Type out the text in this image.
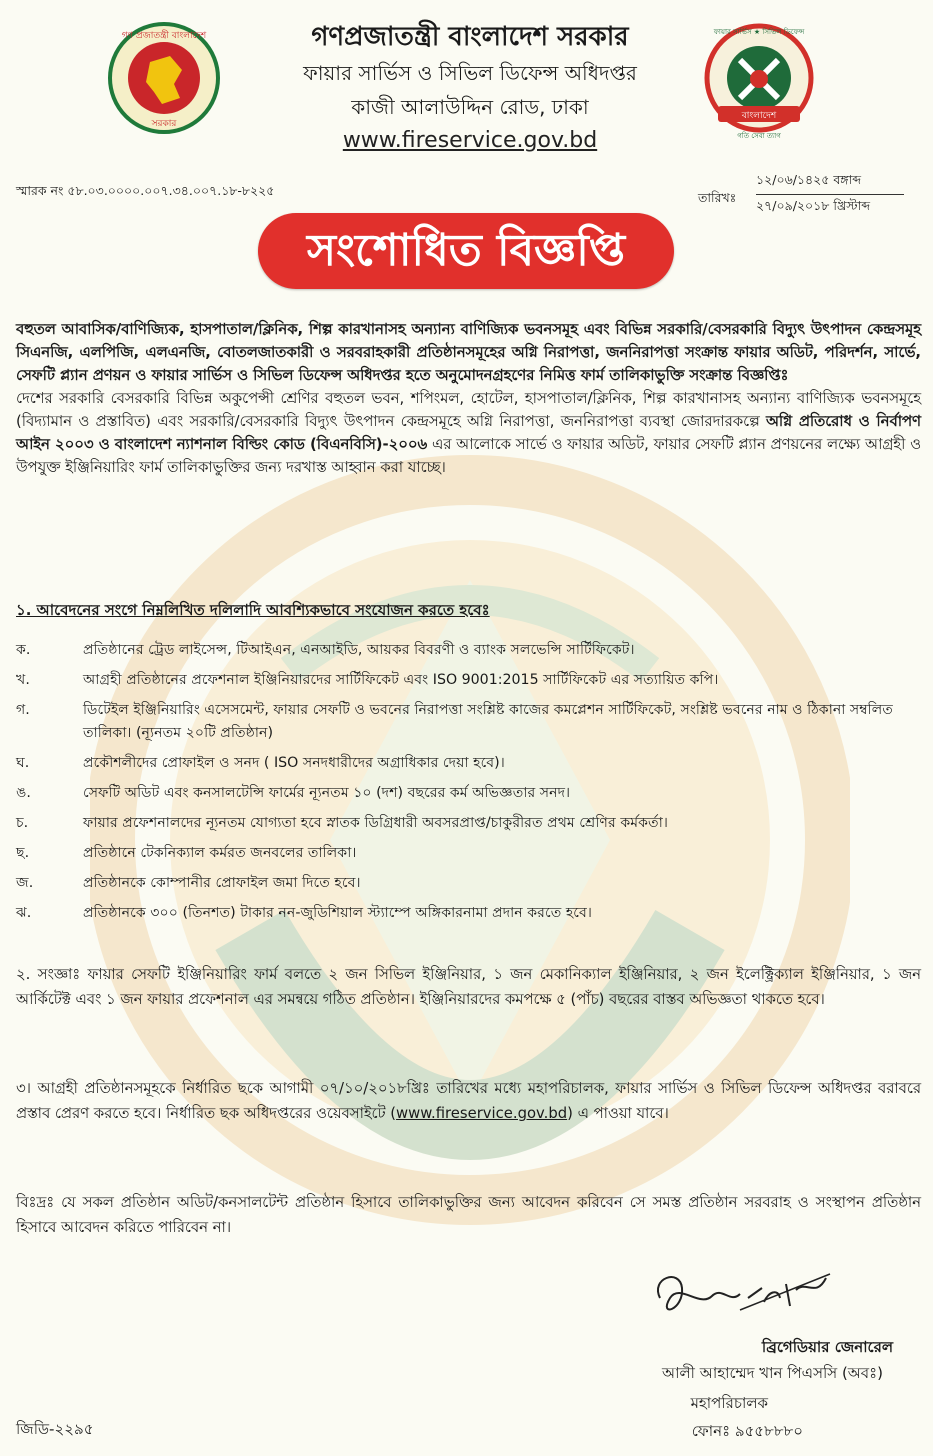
গণ প্রজাতন্ত্রী বাংলাদেশ
সরকার
গণপ্রজাতন্ত্রী বাংলাদেশ সরকার
ফায়ার সার্ভিস ও সিভিল ডিফেন্স অধিদপ্তর
কাজী আলাউদ্দিন রোড, ঢাকা
www.fireservice.gov.bd
বাংলাদেশ
ফায়ার সার্ভিস ★ সিভিল ডিফেন্স
গতি সেবা ত্যাগ
স্মারক নং ৫৮.০৩.০০০০.০০৭.৩৪.০০৭.১৮-৮২২৫	তারিখঃ
১২/০৬/১৪২৫ বঙ্গাব্দ
২৭/০৯/২০১৮ খ্রিস্টাব্দ
সংশোধিত বিজ্ঞপ্তি
বহুতল আবাসিক/বাণিজ্যিক, হাসপাতাল/ক্লিনিক, শিল্প কারখানাসহ অন্যান্য বাণিজ্যিক ভবনসমূহ এবং বিভিন্ন সরকারি/বেসরকারি বিদ্যুৎ উৎপাদন কেন্দ্রসমূহ সিএনজি, এলপিজি, এলএনজি, বোতলজাতকারী ও সরবরাহকারী প্রতিষ্ঠানসমূহের অগ্নি নিরাপত্তা, জননিরাপত্তা সংক্রান্ত ফায়ার অডিট, পরিদর্শন, সার্ভে, সেফটি প্ল্যান প্রণয়ন ও ফায়ার সার্ভিস ও সিভিল ডিফেন্স অধিদপ্তর হতে অনুমোদনগ্রহণের নিমিত্ত ফার্ম তালিকাভুক্তি সংক্রান্ত বিজ্ঞপ্তিঃ
দেশের সরকারি বেসরকারি বিভিন্ন অকুপেন্সী শ্রেণির বহুতল ভবন, শপিংমল, হোটেল, হাসপাতাল/ক্লিনিক, শিল্প কারখানাসহ অন্যান্য বাণিজ্যিক ভবনসমূহে (বিদ্যামান ও প্রস্তাবিত) এবং সরকারি/বেসরকারি বিদ্যুৎ উৎপাদন কেন্দ্রসমূহে অগ্নি নিরাপত্তা, জননিরাপত্তা ব্যবস্থা জোরদারকল্পে অগ্নি প্রতিরোধ ও নির্বাপণ আইন ২০০৩ ও বাংলাদেশ ন্যাশনাল বিল্ডিং কোড (বিএনবিসি)-২০০৬ এর আলোকে সার্ভে ও ফায়ার অডিট, ফায়ার সেফটি প্ল্যান প্রণয়নের লক্ষ্যে আগ্রহী ও উপযুক্ত ইঞ্জিনিয়ারিং ফার্ম তালিকাভুক্তির জন্য দরখাস্ত আহ্বান করা যাচ্ছে।
১. আবেদনের সংগে নিম্নলিখিত দলিলাদি আবশ্যিকভাবে সংযোজন করতে হবেঃ
ক.	প্রতিষ্ঠানের ট্রেড লাইসেন্স, টিআইএন, এনআইডি, আয়কর বিবরণী ও ব্যাংক সলভেন্সি সার্টিফিকেট।
খ.	আগ্রহী প্রতিষ্ঠানের প্রফেশনাল ইঞ্জিনিয়ারদের সার্টিফিকেট এবং ISO 9001:2015 সার্টিফিকেট এর সত্যায়িত কপি।
গ.	ডিটেইল ইঞ্জিনিয়ারিং এসেসমেন্ট, ফায়ার সেফটি ও ভবনের নিরাপত্তা সংশ্লিষ্ট কাজের কমপ্লেশন সার্টিফিকেট, সংশ্লিষ্ট ভবনের নাম ও ঠিকানা সম্বলিত তালিকা। (ন্যূনতম ২০টি প্রতিষ্ঠান)
ঘ.	প্রকৌশলীদের প্রোফাইল ও সনদ ( ISO সনদধারীদের অগ্রাধিকার দেয়া হবে)।
ঙ.	সেফটি অডিট এবং কনসালটেন্সি ফার্মের ন্যূনতম ১০ (দশ) বছরের কর্ম অভিজ্ঞতার সনদ।
চ.	ফায়ার প্রফেশনালদের ন্যূনতম যোগ্যতা হবে স্নাতক ডিগ্রিধারী অবসরপ্রাপ্ত/চাকুরীরত প্রথম শ্রেণির কর্মকর্তা।
ছ.	প্রতিষ্ঠানে টেকনিক্যাল কর্মরত জনবলের তালিকা।
জ.	প্রতিষ্ঠানকে কোম্পানীর প্রোফাইল জমা দিতে হবে।
ঝ.	প্রতিষ্ঠানকে ৩০০ (তিনশত) টাকার নন-জুডিশিয়াল স্ট্যাম্পে অঙ্গিকারনামা প্রদান করতে হবে।
২. সংজ্ঞাঃ ফায়ার সেফটি ইঞ্জিনিয়ারিং ফার্ম বলতে ২ জন সিভিল ইঞ্জিনিয়ার, ১ জন মেকানিক্যাল ইঞ্জিনিয়ার, ২ জন ইলেক্ট্রিক্যাল ইঞ্জিনিয়ার, ১ জন আর্কিটেক্ট এবং ১ জন ফায়ার প্রফেশনাল এর সমন্বয়ে গঠিত প্রতিষ্ঠান। ইঞ্জিনিয়ারদের কমপক্ষে ৫ (পাঁচ) বছরের বাস্তব অভিজ্ঞতা থাকতে হবে।
৩। আগ্রহী প্রতিষ্ঠানসমূহকে নির্ধারিত ছকে আগামী ০৭/১০/২০১৮খ্রিঃ তারিখের মধ্যে মহাপরিচালক, ফায়ার সার্ভিস ও সিভিল ডিফেন্স অধিদপ্তর বরাবরে প্রস্তাব প্রেরণ করতে হবে। নির্ধারিত ছক অধিদপ্তরের ওয়েবসাইটে (www.fireservice.gov.bd) এ পাওয়া যাবে।
বিঃদ্রঃ যে সকল প্রতিষ্ঠান অডিট/কনসালটেন্ট প্রতিষ্ঠান হিসাবে তালিকাভুক্তির জন্য আবেদন করিবেন সে সমস্ত প্রতিষ্ঠান সরবরাহ ও সংস্থাপন প্রতিষ্ঠান হিসাবে আবেদন করিতে পারিবেন না।
ব্রিগেডিয়ার জেনারেল
আলী আহাম্মেদ খান পিএসসি (অবঃ)
মহাপরিচালক
ফোনঃ ৯৫৫৮৮৮০
জিডি-২২৯৫
